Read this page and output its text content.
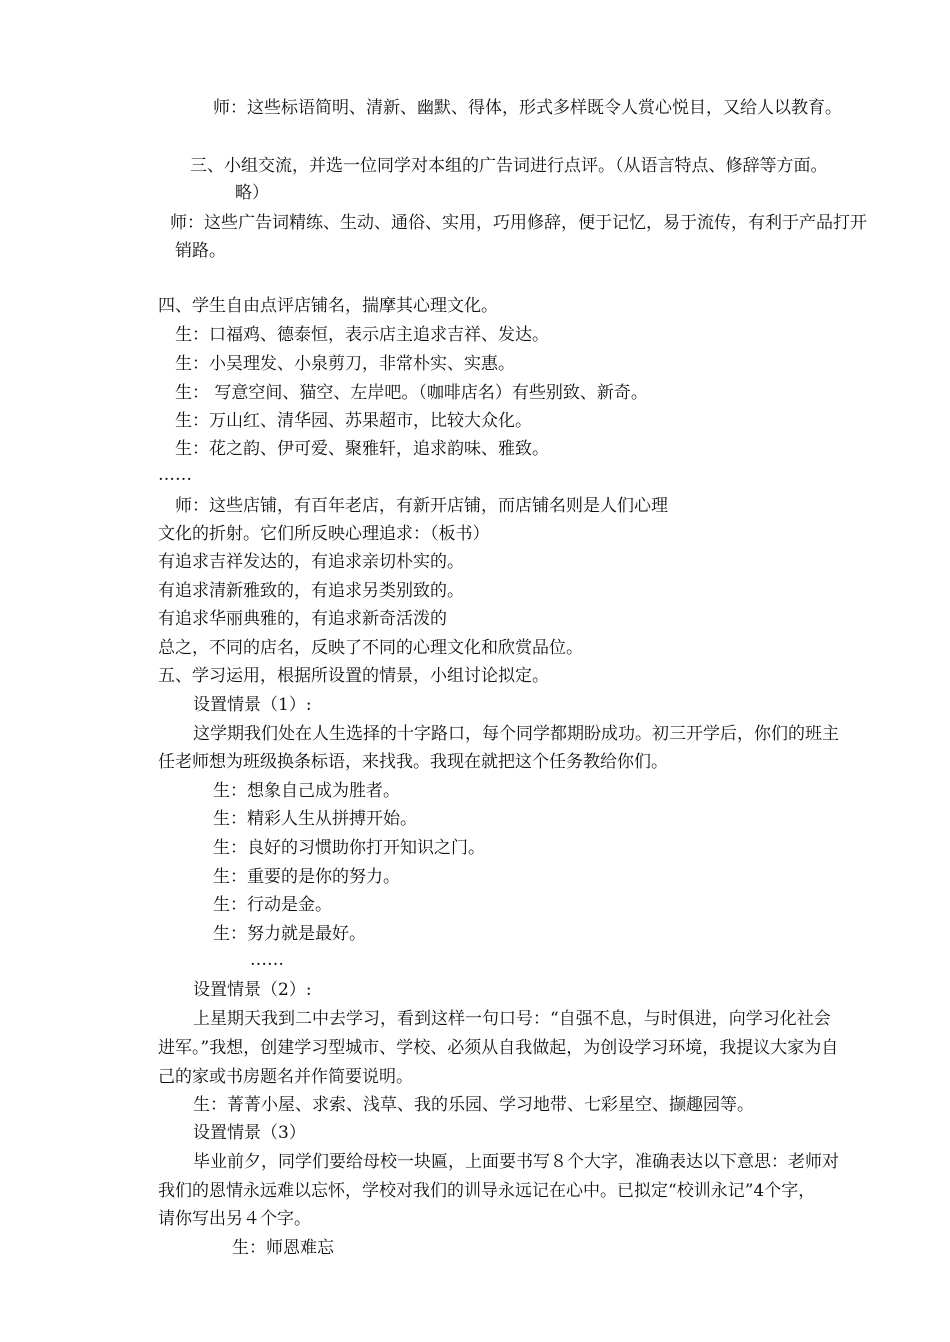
师：这些标语简明、清新、幽默、得体，形式多样既令人赏心悦目，又给人以教育。
三、小组交流，并选一位同学对本组的广告词进行点评。（从语言特点、修辞等方面。
略）
师：这些广告词精练、生动、通俗、实用，巧用修辞，便于记忆，易于流传，有利于产品打开
销路。
四、学生自由点评店铺名，揣摩其心理文化。
生：口福鸡、德泰恒，表示店主追求吉祥、发达。
生：小吴理发、小泉剪刀，非常朴实、实惠。
生： 写意空间、猫空、左岸吧。（咖啡店名）有些别致、新奇。
生：万山红、清华园、苏果超市，比较大众化。
生：花之韵、伊可爱、聚雅轩，追求韵味、雅致。
……
师：这些店铺，有百年老店，有新开店铺，而店铺名则是人们心理
文化的折射。它们所反映心理追求：（板书）
有追求吉祥发达的，有追求亲切朴实的。
有追求清新雅致的，有追求另类别致的。
有追求华丽典雅的，有追求新奇活泼的
总之，不同的店名，反映了不同的心理文化和欣赏品位。
五、学习运用，根据所设置的情景，小组讨论拟定。
设置情景（1）:
这学期我们处在人生选择的十字路口，每个同学都期盼成功。初三开学后，你们的班主
任老师想为班级换条标语，来找我。我现在就把这个任务教给你们。
生：想象自己成为胜者。
生：精彩人生从拼搏开始。
生：良好的习惯助你打开知识之门。
生：重要的是你的努力。
生：行动是金。
生：努力就是最好。
……
设置情景（2）:
上星期天我到二中去学习，看到这样一句口号：“自强不息，与时俱进，向学习化社会
进军。”我想，创建学习型城市、学校、必须从自我做起，为创设学习环境，我提议大家为自
己的家或书房题名并作简要说明。
生：菁菁小屋、求索、浅草、我的乐园、学习地带、七彩星空、撷趣园等。
设置情景（3）
毕业前夕，同学们要给母校一块匾，上面要书写８个大字，准确表达以下意思：老师对
我们的恩情永远难以忘怀，学校对我们的训导永远记在心中。已拟定“校训永记”4个字，
请你写出另４个字。
生：师恩难忘
